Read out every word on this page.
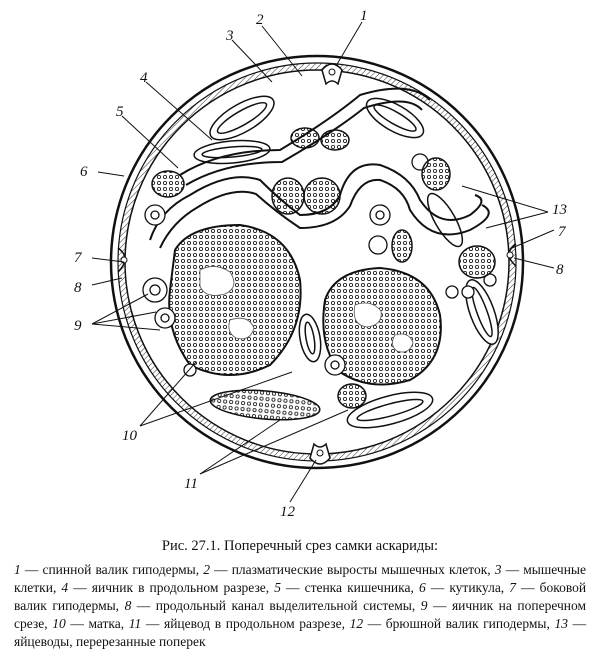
1
2
3
4
5
6
7
8
9
10
11
12
13
7
8
Рис. 27.1. Поперечный срез самки аскариды:
1 — спинной валик гиподермы, 2 — плазматические выросты мышечных клеток, 3 — мышечные клетки, 4 — яичник в продольном разрезе, 5 — стенка кишечника, 6 — кутикула, 7 — боковой валик гиподермы, 8 — продольный канал выделительной системы, 9 — яичник на поперечном срезе, 10 — матка, 11 — яйцевод в продольном разрезе, 12 — брюшной валик гиподермы, 13 — яйцеводы, перерезанные поперек
